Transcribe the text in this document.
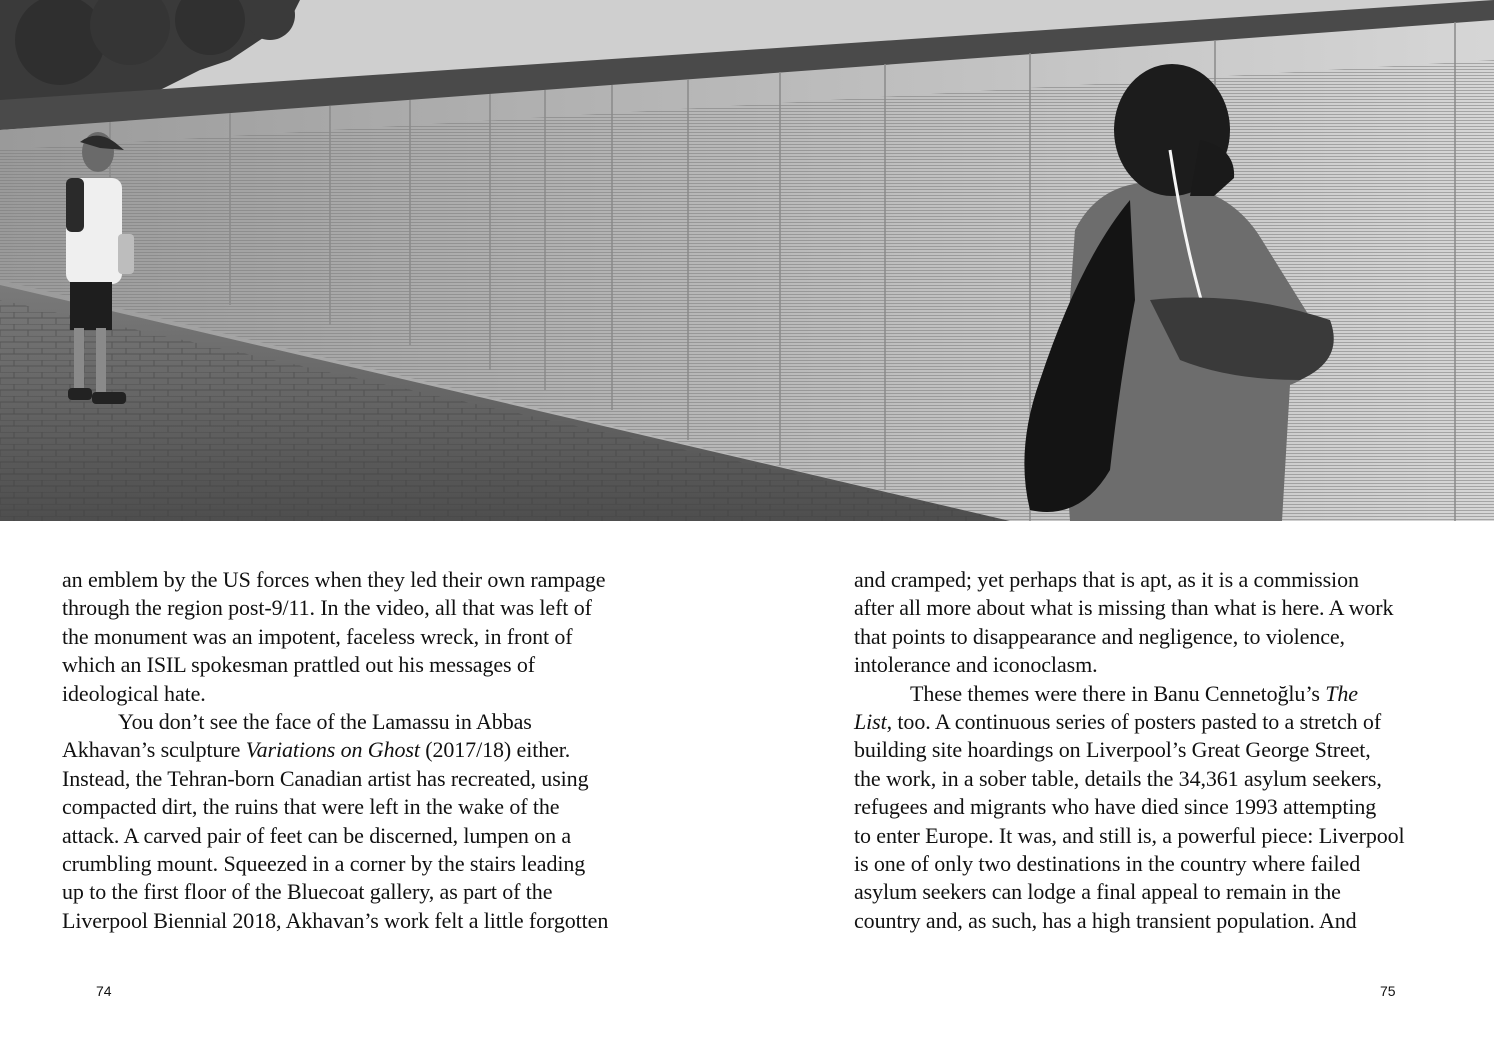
an emblem by the US forces when they led their own rampage
through the region post-9/11. In the video, all that was left of
the monument was an impotent, faceless wreck, in front of
which an ISIL spokesman prattled out his messages of
ideological hate.
You don’t see the face of the Lamassu in Abbas
Akhavan’s sculpture Variations on Ghost (2017/18) either.
Instead, the Tehran-born Canadian artist has recreated, using
compacted dirt, the ruins that were left in the wake of the
attack. A carved pair of feet can be discerned, lumpen on a
crumbling mount. Squeezed in a corner by the stairs leading
up to the first floor of the Bluecoat gallery, as part of the
Liverpool Biennial 2018, Akhavan’s work felt a little forgotten
and cramped; yet perhaps that is apt, as it is a commission
after all more about what is missing than what is here. A work
that points to disappearance and negligence, to violence,
intolerance and iconoclasm.
These themes were there in Banu Cennetoğlu’s The
List, too. A continuous series of posters pasted to a stretch of
building site hoardings on Liverpool’s Great George Street,
the work, in a sober table, details the 34,361 asylum seekers,
refugees and migrants who have died since 1993 attempting
to enter Europe. It was, and still is, a powerful piece: Liverpool
is one of only two destinations in the country where failed
asylum seekers can lodge a final appeal to remain in the
country and, as such, has a high transient population. And
74	75
